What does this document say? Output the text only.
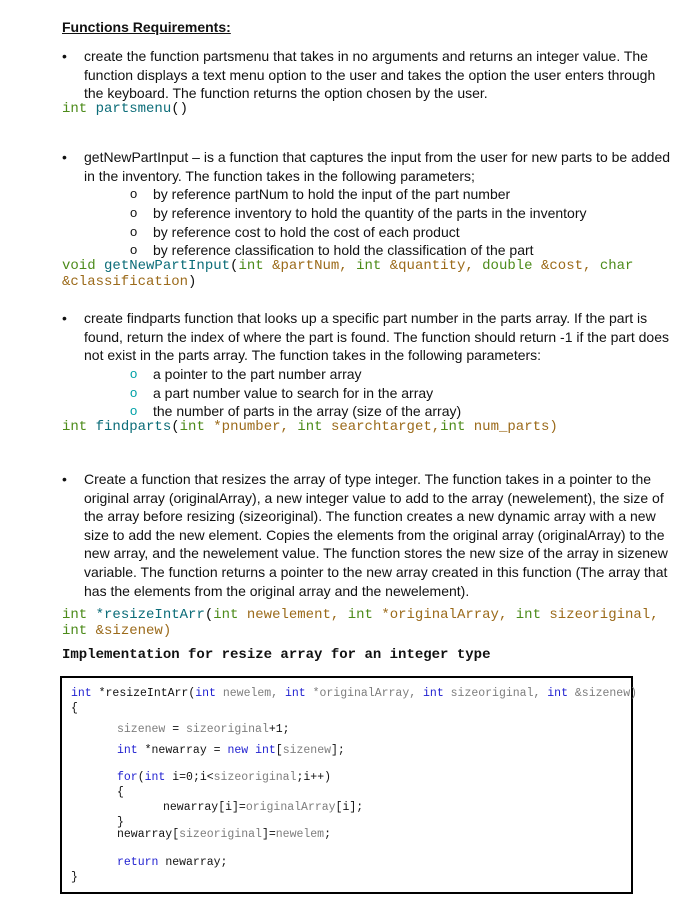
Functions Requirements:
• create the function partsmenu that takes in no arguments and returns an integer value. The function displays a text menu option to the user and takes the option the user enters through the keyboard. The function returns the option chosen by the user.
int partsmenu()
• getNewPartInput – is a function that captures the input from the user for new parts to be added in the inventory. The function takes in the following parameters;
o by reference partNum to hold the input of the part number
o by reference inventory to hold the quantity of the parts in the inventory
o by reference cost to hold the cost of each product
o by reference classification to hold the classification of the part
void getNewPartInput(int &partNum, int &quantity, double &cost, char
&classification)
• create findparts function that looks up a specific part number in the parts array. If the part is found, return the index of where the part is found. The function should return -1 if the part does not exist in the parts array. The function takes in the following parameters:
o a pointer to the part number array
o a part number value to search for in the array
o the number of parts in the array (size of the array)
int findparts(int *pnumber, int searchtarget,int num_parts)
• Create a function that resizes the array of type integer. The function takes in a pointer to the original array (originalArray), a new integer value to add to the array (newelement), the size of the array before resizing (sizeoriginal). The function creates a new dynamic array with a new size to add the new element. Copies the elements from the original array (originalArray) to the new array, and the newelement value. The function stores the new size of the array in sizenew variable. The function returns a pointer to the new array created in this function (The array that has the elements from the original array and the newelement).
int *resizeIntArr(int newelement, int *originalArray, int sizeoriginal,
int &sizenew)
Implementation for resize array for an integer type
int *resizeIntArr(int newelem, int *originalArray, int sizeoriginal, int &sizenew)
{
sizenew = sizeoriginal+1;
int *newarray = new int[sizenew];
for(int i=0;i<sizeoriginal;i++)
{
newarray[i]=originalArray[i];
}
newarray[sizeoriginal]=newelem;
return newarray;
}
